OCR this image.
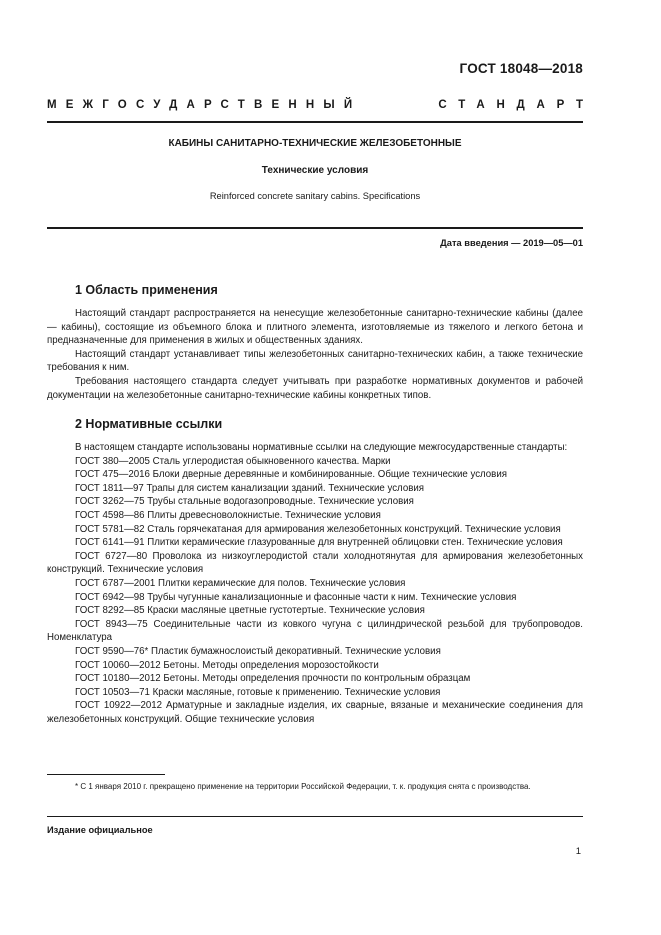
ГОСТ 18048—2018
МЕЖГОСУДАРСТВЕННЫЙ	СТАНДАРТ
КАБИНЫ САНИТАРНО-ТЕХНИЧЕСКИЕ ЖЕЛЕЗОБЕТОННЫЕ
Технические условия
Reinforced concrete sanitary cabins. Specifications
Дата введения — 2019—05—01
1 Область применения

Настоящий стандарт распространяется на ненесущие железобетонные санитарно-технические кабины (далее — кабины), состоящие из объемного блока и плитного элемента, изготовляемые из тяжелого и легкого бетона и предназначенные для применения в жилых и общественных зданиях.

Настоящий стандарт устанавливает типы железобетонных санитарно-технических кабин, а также технические требования к ним.

Требования настоящего стандарта следует учитывать при разработке нормативных документов и рабочей документации на железобетонные санитарно-технические кабины конкретных типов.

2 Нормативные ссылки

В настоящем стандарте использованы нормативные ссылки на следующие межгосударственные стандарты:

ГОСТ 380—2005 Сталь углеродистая обыкновенного качества. Марки

ГОСТ 475—2016 Блоки дверные деревянные и комбинированные. Общие технические условия

ГОСТ 1811—97 Трапы для систем канализации зданий. Технические условия

ГОСТ 3262—75 Трубы стальные водогазопроводные. Технические условия

ГОСТ 4598—86 Плиты древесноволокнистые. Технические условия

ГОСТ 5781—82 Сталь горячекатаная для армирования железобетонных конструкций. Технические условия

ГОСТ 6141—91 Плитки керамические глазурованные для внутренней облицовки стен. Технические условия

ГОСТ 6727—80 Проволока из низкоуглеродистой стали холоднотянутая для армирования железобетонных конструкций. Технические условия

ГОСТ 6787—2001 Плитки керамические для полов. Технические условия

ГОСТ 6942—98 Трубы чугунные канализационные и фасонные части к ним. Технические условия

ГОСТ 8292—85 Краски масляные цветные густотертые. Технические условия

ГОСТ 8943—75 Соединительные части из ковкого чугуна с цилиндрической резьбой для трубопроводов. Номенклатура

ГОСТ 9590—76* Пластик бумажнослоистый декоративный. Технические условия

ГОСТ 10060—2012 Бетоны. Методы определения морозостойкости

ГОСТ 10180—2012 Бетоны. Методы определения прочности по контрольным образцам

ГОСТ 10503—71 Краски масляные, готовые к применению. Технические условия

ГОСТ 10922—2012 Арматурные и закладные изделия, их сварные, вязаные и механические соединения для железобетонных конструкций. Общие технические условия

* С 1 января 2010 г. прекращено применение на территории Российской Федерации, т. к. продукция снята с производства.
Издание официальное
1
